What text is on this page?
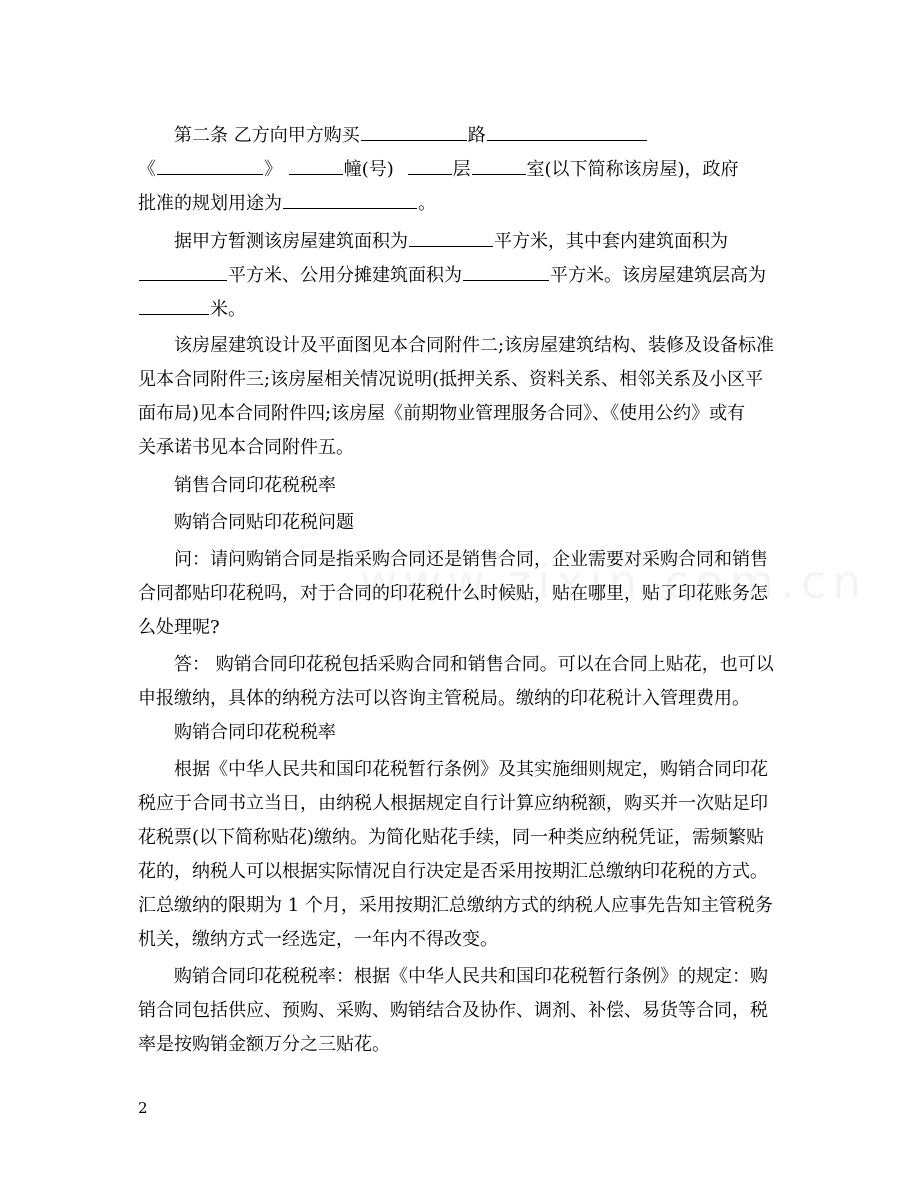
第二条 乙方向甲方购买	路
《	》	幢(号)	层	室(以下简称该房屋)，政府
批准的规划用途为	。
据甲方暂测该房屋建筑面积为	平方米，其中套内建筑面积为
平方米、公用分摊建筑面积为	平方米。该房屋建筑层高为
米。
该房屋建筑设计及平面图见本合同附件二;该房屋建筑结构、装修及设备标准
见本合同附件三;该房屋相关情况说明(抵押关系、资料关系、相邻关系及小区平
面布局)见本合同附件四;该房屋《前期物业管理服务合同》、《使用公约》或有
关承诺书见本合同附件五。
销售合同印花税税率
购销合同贴印花税问题
问：请问购销合同是指采购合同还是销售合同，企业需要对采购合同和销售
合同都贴印花税吗，对于合同的印花税什么时候贴，贴在哪里，贴了印花账务怎
么处理呢?
答： 购销合同印花税包括采购合同和销售合同。可以在合同上贴花，也可以
申报缴纳，具体的纳税方法可以咨询主管税局。缴纳的印花税计入管理费用。
购销合同印花税税率
根据《中华人民共和国印花税暂行条例》及其实施细则规定，购销合同印花
税应于合同书立当日，由纳税人根据规定自行计算应纳税额，购买并一次贴足印
花税票(以下简称贴花)缴纳。为简化贴花手续，同一种类应纳税凭证，需频繁贴
花的，纳税人可以根据实际情况自行决定是否采用按期汇总缴纳印花税的方式。
汇总缴纳的限期为 1 个月，采用按期汇总缴纳方式的纳税人应事先告知主管税务
机关，缴纳方式一经选定，一年内不得改变。
购销合同印花税税率：根据《中华人民共和国印花税暂行条例》的规定：购
销合同包括供应、预购、采购、购销结合及协作、调剂、补偿、易货等合同，税
率是按购销金额万分之三贴花。
2
